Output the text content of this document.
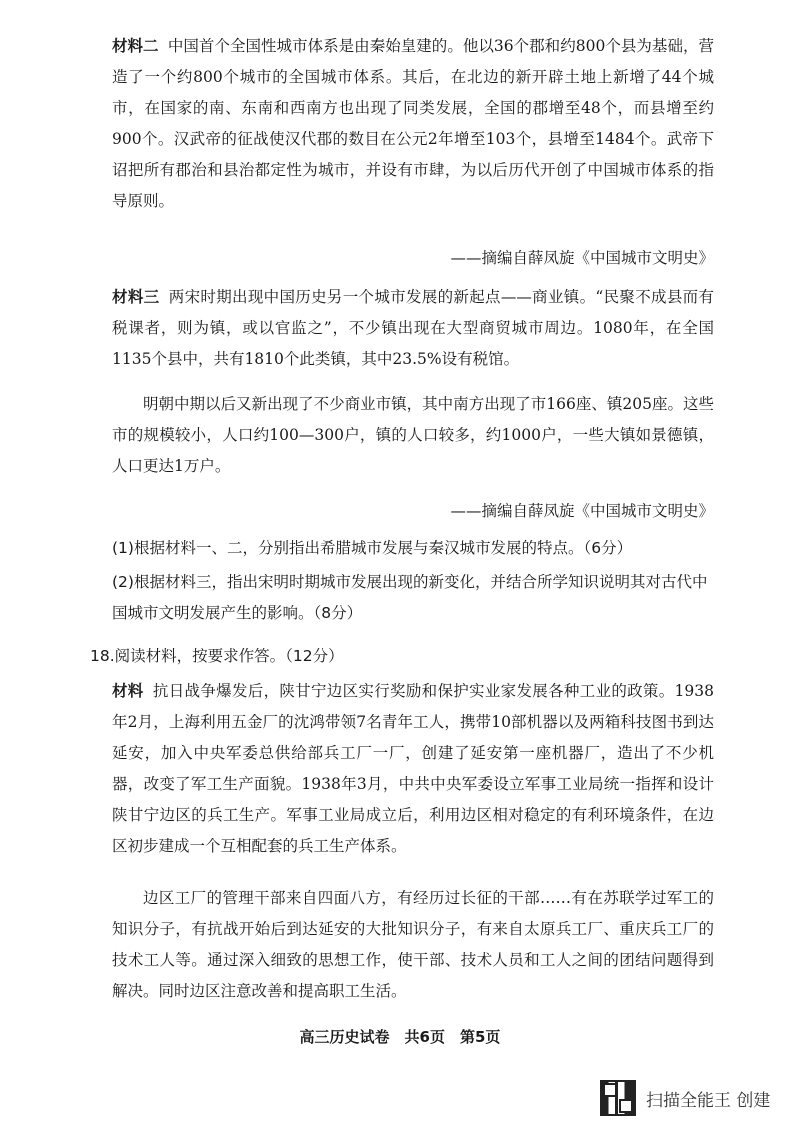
材料二 中国首个全国性城市体系是由秦始皇建的。他以36个郡和约800个县为基础，营造了一个约800个城市的全国城市体系。其后，在北边的新开辟土地上新增了44个城市，在国家的南、东南和西南方也出现了同类发展，全国的郡增至48个，而县增至约900个。汉武帝的征战使汉代郡的数目在公元2年增至103个，县增至1484个。武帝下诏把所有郡治和县治都定性为城市，并设有市肆，为以后历代开创了中国城市体系的指导原则。

——摘编自薛凤旋《中国城市文明史》

材料三 两宋时期出现中国历史另一个城市发展的新起点——商业镇。“民聚不成县而有税课者，则为镇，或以官监之”，不少镇出现在大型商贸城市周边。1080年，在全国1135个县中，共有1810个此类镇，其中23.5%设有税馆。

明朝中期以后又新出现了不少商业市镇，其中南方出现了市166座、镇205座。这些市的规模较小，人口约100—300户，镇的人口较多，约1000户，一些大镇如景德镇，人口更达1万户。

——摘编自薛凤旋《中国城市文明史》

(1)根据材料一、二，分别指出希腊城市发展与秦汉城市发展的特点。（6分）

(2)根据材料三，指出宋明时期城市发展出现的新变化，并结合所学知识说明其对古代中国城市文明发展产生的影响。（8分）

18.阅读材料，按要求作答。（12分）

材料 抗日战争爆发后，陕甘宁边区实行奖励和保护实业家发展各种工业的政策。1938年2月，上海利用五金厂的沈鸿带领7名青年工人，携带10部机器以及两箱科技图书到达延安，加入中央军委总供给部兵工厂一厂，创建了延安第一座机器厂，造出了不少机器，改变了军工生产面貌。1938年3月，中共中央军委设立军事工业局统一指挥和设计陕甘宁边区的兵工生产。军事工业局成立后，利用边区相对稳定的有利环境条件，在边区初步建成一个互相配套的兵工生产体系。

边区工厂的管理干部来自四面八方，有经历过长征的干部……有在苏联学过军工的知识分子，有抗战开始后到达延安的大批知识分子，有来自太原兵工厂、重庆兵工厂的技术工人等。通过深入细致的思想工作，使干部、技术人员和工人之间的团结问题得到解决。同时边区注意改善和提高职工生活。

高三历史试卷　共6页　第5页
扫描全能王 创建
